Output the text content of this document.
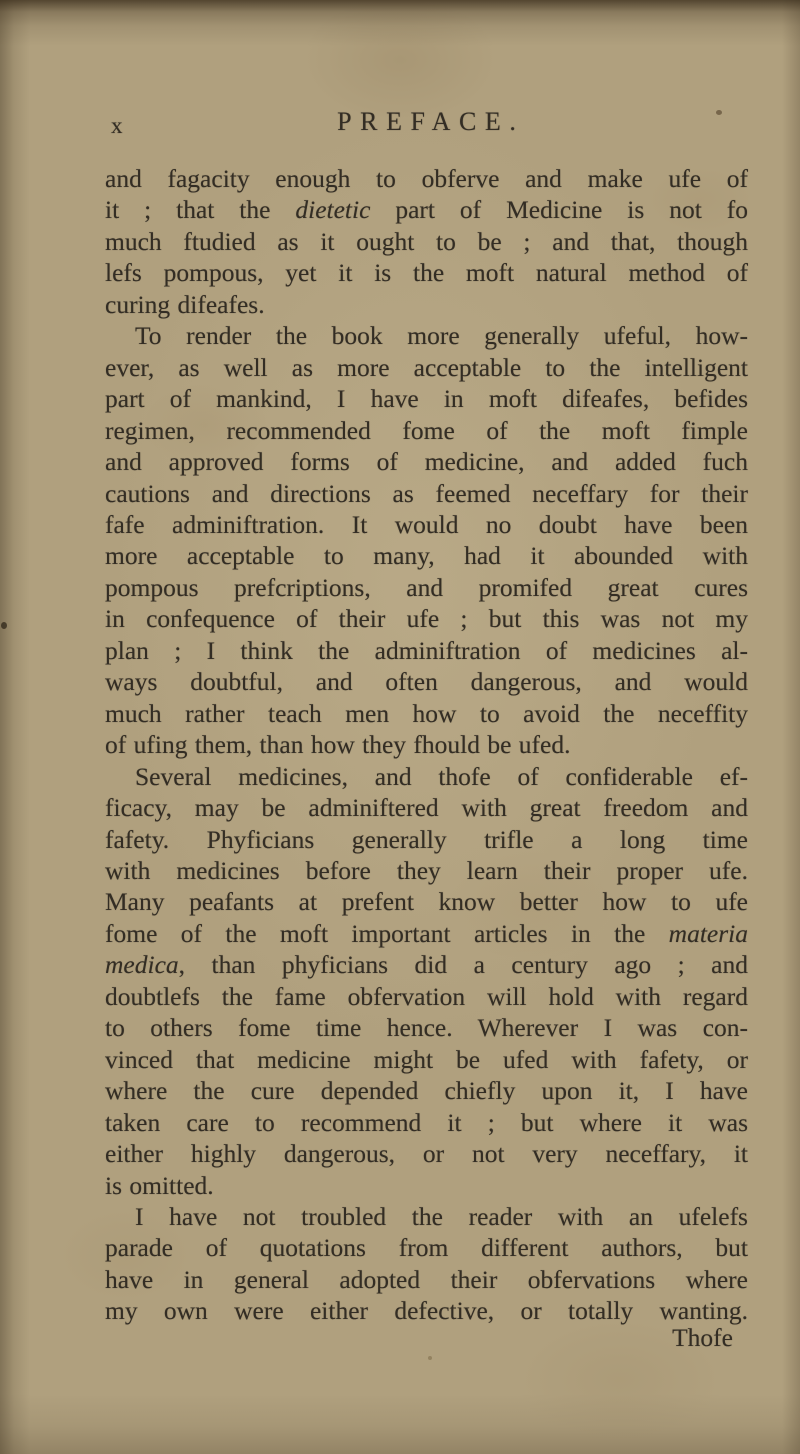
x	PREFACE.
and fagacity enough to obferve and make ufe of
it ; that the dietetic part of Medicine is not fo
much ftudied as it ought to be ; and that, though
lefs pompous, yet it is the moft natural method of
curing difeafes.
To render the book more generally ufeful, how-
ever, as well as more acceptable to the intelligent
part of mankind, I have in moft difeafes, befides
regimen, recommended fome of the moft fimple
and approved forms of medicine, and added fuch
cautions and directions as feemed neceffary for their
fafe adminiftration. It would no doubt have been
more acceptable to many, had it abounded with
pompous prefcriptions, and promifed great cures
in confequence of their ufe ; but this was not my
plan ; I think the adminiftration of medicines al-
ways doubtful, and often dangerous, and would
much rather teach men how to avoid the neceffity
of ufing them, than how they fhould be ufed.
Several medicines, and thofe of confiderable ef-
ficacy, may be adminiftered with great freedom and
fafety. Phyficians generally trifle a long time
with medicines before they learn their proper ufe.
Many peafants at prefent know better how to ufe
fome of the moft important articles in the materia
medica, than phyficians did a century ago ; and
doubtlefs the fame obfervation will hold with regard
to others fome time hence. Wherever I was con-
vinced that medicine might be ufed with fafety, or
where the cure depended chiefly upon it, I have
taken care to recommend it ; but where it was
either highly dangerous, or not very neceffary, it
is omitted.
I have not troubled the reader with an ufelefs
parade of quotations from different authors, but
have in general adopted their obfervations where
my own were either defective, or totally wanting.
Thofe
